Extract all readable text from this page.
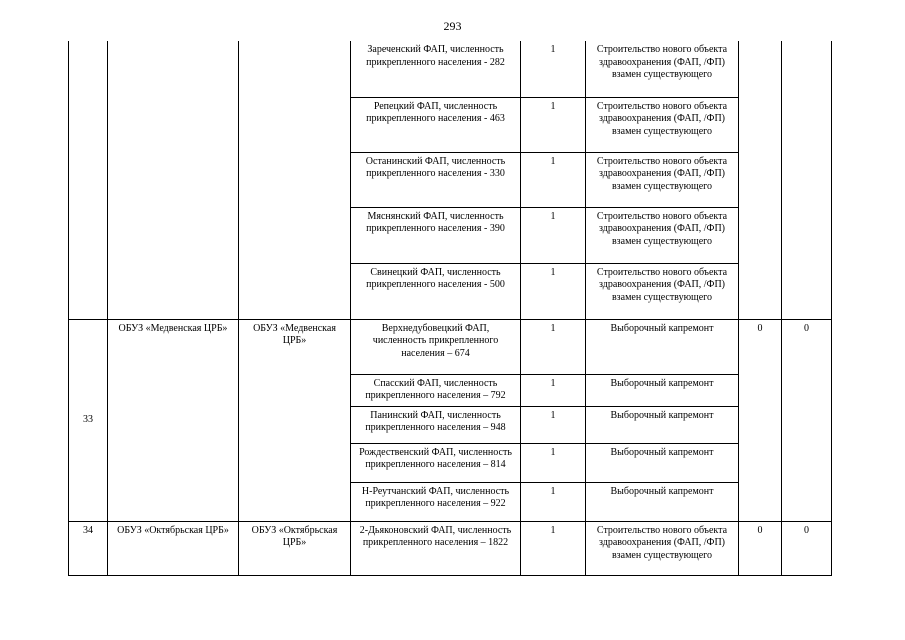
293
			Зареченский ФАП, численность прикрепленного населения - 282	1	Строительство нового объекта здравоохранения (ФАП, /ФП) взамен существующего		
			Репецкий ФАП, численность прикрепленного населения - 463	1	Строительство нового объекта здравоохранения (ФАП, /ФП) взамен существующего		
			Останинский ФАП, численность прикрепленного населения - 330	1	Строительство нового объекта здравоохранения (ФАП, /ФП) взамен существующего		
			Мяснянский ФАП, численность прикрепленного населения - 390	1	Строительство нового объекта здравоохранения (ФАП, /ФП) взамен существующего		
			Свинецкий ФАП, численность прикрепленного населения - 500	1	Строительство нового объекта здравоохранения (ФАП, /ФП) взамен существующего		
33	ОБУЗ «Медвенская ЦРБ»	ОБУЗ «Медвенская ЦРБ»	Верхнедубовецкий ФАП, численность прикрепленного населения – 674	1	Выборочный капремонт	0	0
			Спасский ФАП, численность прикрепленного населения – 792	1	Выборочный капремонт		
			Панинский ФАП, численность прикрепленного населения – 948	1	Выборочный капремонт		
			Рождественский ФАП, численность прикрепленного населения – 814	1	Выборочный капремонт		
			Н-Реутчанский ФАП, численность прикрепленного населения – 922	1	Выборочный капремонт		
34	ОБУЗ «Октябрьская ЦРБ»	ОБУЗ «Октябрьская ЦРБ»	2-Дьяконовский ФАП, численность прикрепленного населения – 1822	1	Строительство нового объекта здравоохранения (ФАП, /ФП) взамен существующего	0	0
